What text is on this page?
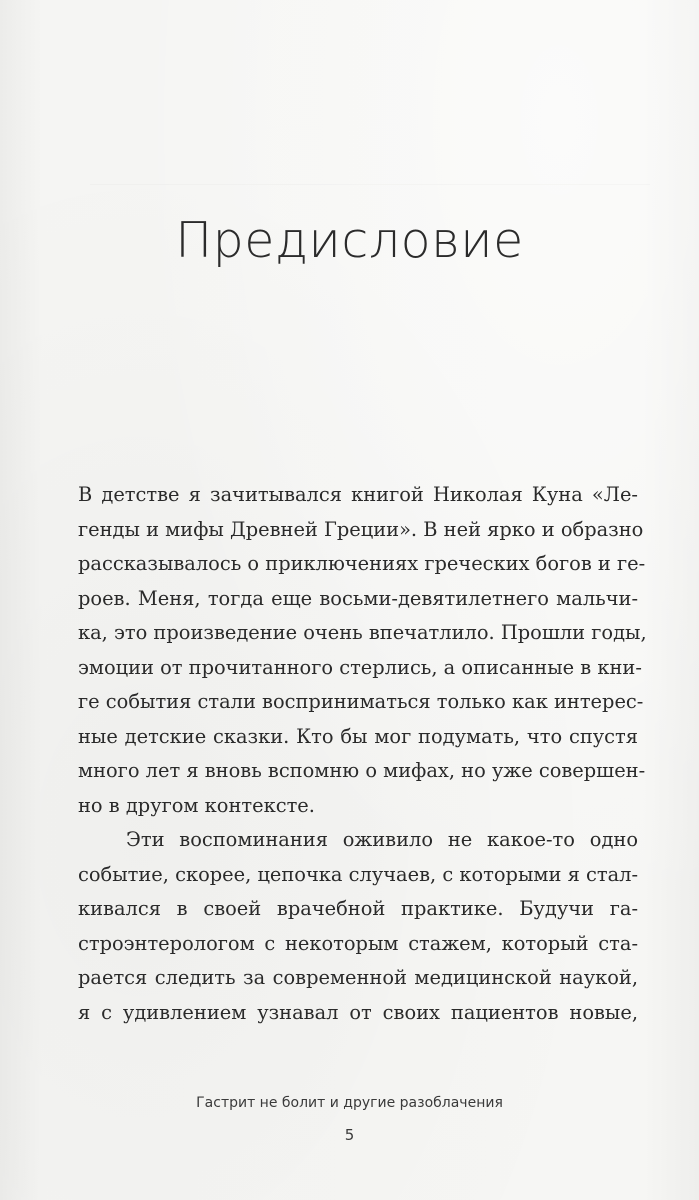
Предисловие
В детстве я зачитывался книгой Николая Куна «Ле-
генды и мифы Древней Греции». В ней ярко и образно
рассказывалось о приключениях греческих богов и ге-
роев. Меня, тогда еще восьми-девятилетнего мальчи-
ка, это произведение очень впечатлило. Прошли годы,
эмоции от прочитанного стерлись, а описанные в кни-
ге события стали восприниматься только как интерес-
ные детские сказки. Кто бы мог подумать, что спустя
много лет я вновь вспомню о мифах, но уже совершен-
но в другом контексте.
Эти воспоминания оживило не какое-то одно
событие, скорее, цепочка случаев, с которыми я стал-
кивался в своей врачебной практике. Будучи га-
строэнтерологом с некоторым стажем, который ста-
рается следить за современной медицинской наукой,
я с удивлением узнавал от своих пациентов новые,

Гастрит не болит и другие разоблачения

5
